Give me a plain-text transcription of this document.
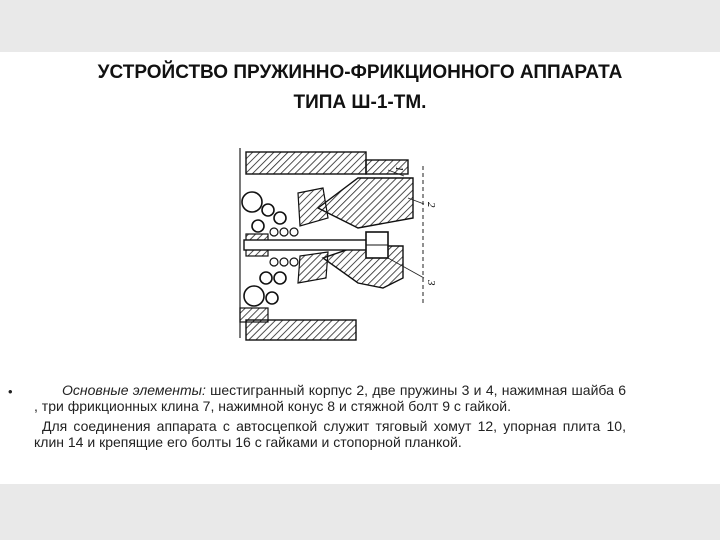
УСТРОЙСТВО ПРУЖИННО-ФРИКЦИОННОГО АППАРАТА
ТИПА Ш-1-ТМ.
1
2
3
•	Основные элементы: шестигранный корпус 2, две пружины 3 и 4, нажимная шайба 6 , три фрикционных клина 7, нажимной конус 8 и стяжной болт 9 с гайкой.

Для соединения аппарата с автосцепкой служит тяговый хомут 12, упорная плита 10, клин 14 и крепящие его болты 16 с гайками и стопорной планкой.
